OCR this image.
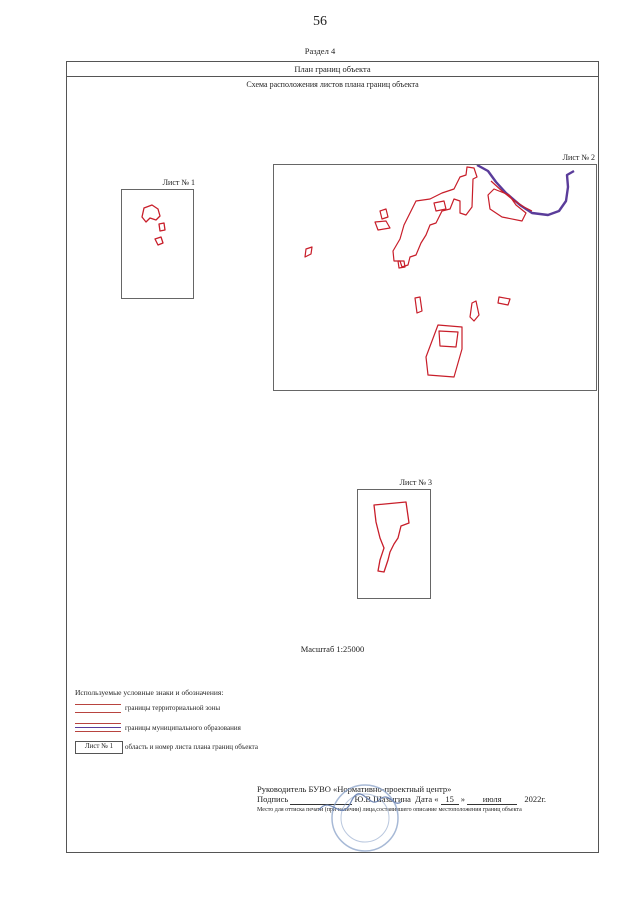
56
Раздел 4
План границ объекта
Схема расположения листов плана границ объекта
Лист № 1
Лист № 2
Лист № 3
Масштаб 1:25000
Используемые условные знаки и обозначения:
границы территориальной зоны
границы муниципального образования
Лист № 1	область и номер листа плана границ объекта
Руководитель БУВО «Нормативно-проектный центр»
Подпись	Ю.В.Шазыгина Дата « 15 » июля	2022г.
Место для оттиска печати (при наличии) лица,составившего описание местоположения границ объекта
